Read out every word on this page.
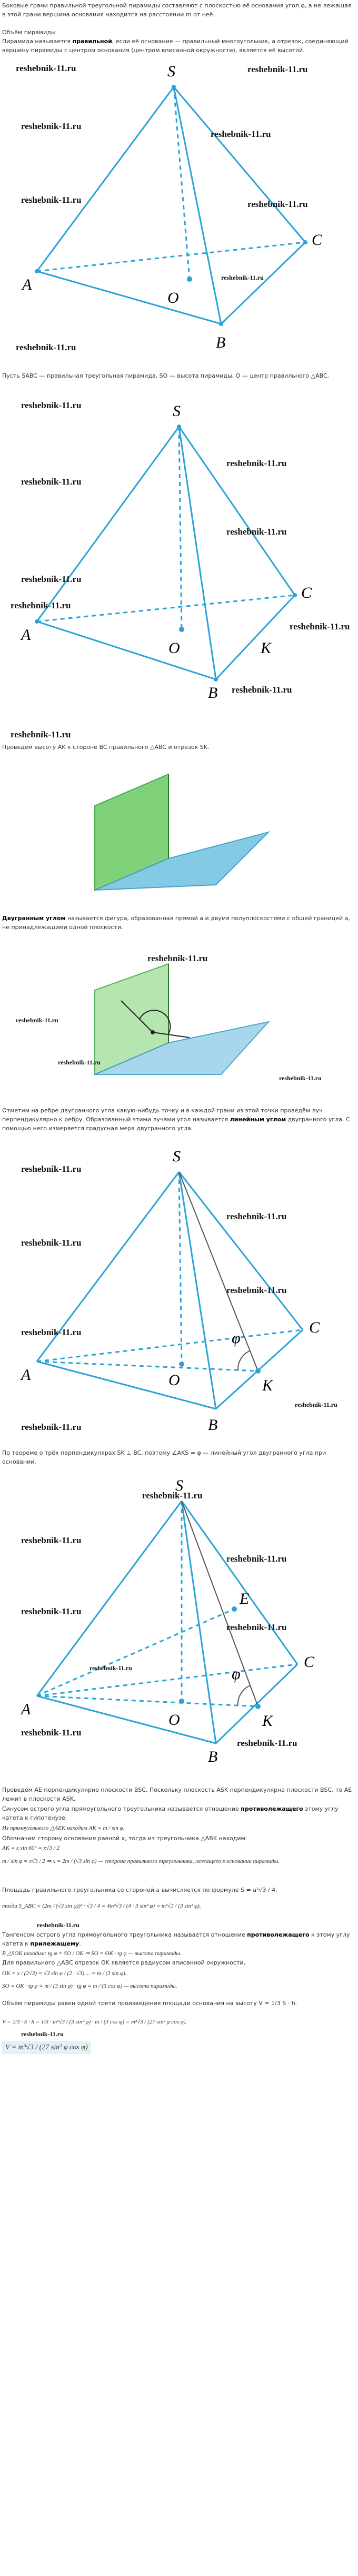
Боковые грани правильной треугольной пирамиды составляют с плоскостью её основания угол φ, а не лежащая в этой грани вершина основания находится на расстоянии m от неё.
Объём пирамиды
Пирамида называется правильной, если её основание — правильный многоугольник, а отрезок, соединяющий вершину пирамиды с центром основания (центром вписанной окружности), является её высотой.
S
A
B
C
O
reshebnik-11.ru	reshebnik-11.ru
reshebnik-11.ru
reshebnik-11.ru
reshebnik-11.ru	reshebnik-11.ru
reshebnik-11.ru
reshebnik-11.ru
Пусть SABC — правильная треугольная пирамида, SO — высота пирамиды, O — центр правильного △ABC.
S
A
B
C
O	K
reshebnik-11.ru
reshebnik-11.ru
reshebnik-11.ru
reshebnik-11.ru
reshebnik-11.ru
reshebnik-11.ru
reshebnik-11.ru
reshebnik-11.ru
reshebnik-11.ru
Проведём высоту AK к стороне BC правильного △ABC и отрезок SK.
Двугранным углом называется фигура, образованная прямой a и двумя полуплоскостями с общей границей a, не принадлежащими одной плоскости.
reshebnik-11.ru
reshebnik-11.ru
reshebnik-11.ru
reshebnik-11.ru
Отметим на ребре двугранного угла какую-нибудь точку и в каждой грани из этой точки проведём луч перпендикулярно к ребру. Образованный этими лучами угол называется линейным углом двугранного угла. С помощью него измеряется градусная мера двугранного угла.
S
A
B
C
O	K
φ
reshebnik-11.ru
reshebnik-11.ru
reshebnik-11.ru
reshebnik-11.ru
reshebnik-11.ru
reshebnik-11.ru
reshebnik-11.ru
По теореме о трёх перпендикулярах SK ⊥ BC, поэтому ∠AKS = φ — линейный угол двугранного угла при основании.
S
A
B
C
O	K
E
φ
reshebnik-11.ru
reshebnik-11.ru
reshebnik-11.ru
reshebnik-11.ru
reshebnik-11.ru
reshebnik-11.ru
reshebnik-11.ru
reshebnik-11.ru
Проведём AE перпендикулярно плоскости BSC. Поскольку плоскость ASK перпендикулярна плоскости BSC, то AE лежит в плоскости ASK.
Синусом острого угла прямоугольного треугольника называется отношение противолежащего этому углу катета к гипотенузе.
Из прямоугольного △AEK находим AK = m / sin φ.
Обозначим сторону основания равной x, тогда из треугольника △ABK находим:
AK = x sin 60° = x√3 / 2
m / sin φ = x√3 / 2 ⇒ x = 2m / (√3 sin φ) — сторона правильного треугольника, лежащего в основании пирамиды.
Площадь правильного треугольника со стороной a вычисляется по формуле S = a²√3 / 4,
тогда S_ABC = (2m / (√3 sin φ))² · √3 / 4 = 4m²√3 / (4 · 3 sin² φ) = m²√3 / (3 sin² φ).
reshebnik-11.ru
Тангенсом острого угла прямоугольного треугольника называется отношение противолежащего к этому углу катета к прилежащему.
В △SOK находим: tg φ = SO / OK ⇒ SO = OK · tg φ — высота пирамиды.
Для правильного △ABC отрезок OK является радиусом вписанной окружности,
OK = x / (2√3) = √3 sin φ / (2 · √3) ... = m / (3 sin φ).
SO = OK · tg φ = m / (3 sin φ) · tg φ = m / (3 cos φ) — высота пирамиды.
Объём пирамиды равен одной трети произведения площади основания на высоту V = 1/3 S · h.
V = 1/3 · S · h = 1/3 · m²√3 / (3 sin² φ) · m / (3 cos φ) = m³√3 / (27 sin² φ cos φ).
reshebnik-11.ru
V = m³√3 / (27 sin² φ cos φ)
